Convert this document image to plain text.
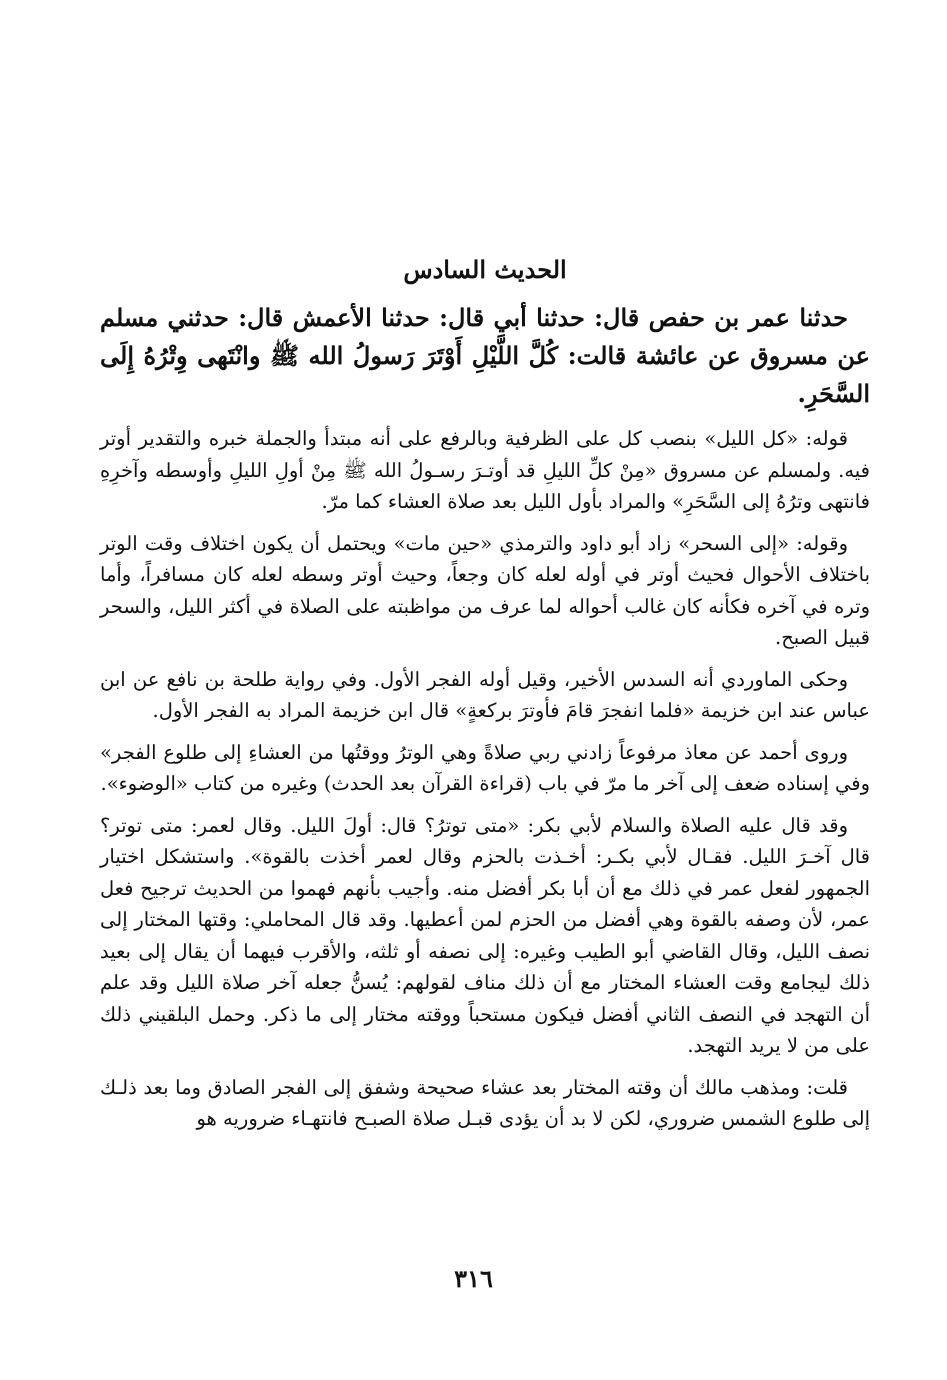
الحديث السادس
حدثنا عمر بن حفص قال: حدثنا أبي قال: حدثنا الأعمش قال: حدثني مسلم عن مسروق عن عائشة قالت: كُلَّ اللَّيْلِ أَوْتَرَ رَسولُ الله ﷺ وانْتَهى وِتْرُهُ إِلَى السَّحَرِ.
قوله: «كل الليل» بنصب كل على الظرفية وبالرفع على أنه مبتدأ والجملة خبره والتقدير أوتر فيه. ولمسلم عن مسروق «مِنْ كلِّ الليلِ قد أوتـرَ رسـولُ الله ﷺ مِنْ أولِ الليلِ وأوسطه وآخرِهِ فانتهى وترُهُ إلى السَّحَرِ» والمراد بأول الليل بعد صلاة العشاء كما مرّ.
وقوله: «إلى السحر» زاد أبو داود والترمذي «حين مات» ويحتمل أن يكون اختلاف وقت الوتر باختلاف الأحوال فحيث أوتر في أوله لعله كان وجعاً، وحيث أوتر وسطه لعله كان مسافراً، وأما وتره في آخره فكأنه كان غالب أحواله لما عرف من مواظبته على الصلاة في أكثر الليل، والسحر قبيل الصبح.
وحكى الماوردي أنه السدس الأخير، وقيل أوله الفجر الأول. وفي رواية طلحة بن نافع عن ابن عباس عند ابن خزيمة «فلما انفجرَ قامَ فأوترَ بركعةٍ» قال ابن خزيمة المراد به الفجر الأول.
وروى أحمد عن معاذ مرفوعاً زادني ربي صلاةً وهي الوترُ ووقتُها من العشاءِ إلى طلوع الفجر» وفي إسناده ضعف إلى آخر ما مرّ في باب (قراءة القرآن بعد الحدث) وغيره من كتاب «الوضوء».
وقد قال عليه الصلاة والسلام لأبي بكر: «متى توترُ؟ قال: أولَ الليل. وقال لعمر: متى توتر؟ قال آخـرَ الليل. فقـال لأبي بكـر: أخـذت بالحزم وقال لعمر أخذت بالقوة». واستشكل اختيار الجمهور لفعل عمر في ذلك مع أن أبا بكر أفضل منه. وأجيب بأنهم فهموا من الحديث ترجيح فعل عمر، لأن وصفه بالقوة وهي أفضل من الحزم لمن أعطيها. وقد قال المحاملي: وقتها المختار إلى نصف الليل، وقال القاضي أبو الطيب وغيره: إلى نصفه أو ثلثه، والأقرب فيهما أن يقال إلى بعيد ذلك ليجامع وقت العشاء المختار مع أن ذلك مناف لقولهم: يُسنُّ جعله آخر صلاة الليل وقد علم أن التهجد في النصف الثاني أفضل فيكون مستحباً ووقته مختار إلى ما ذكر. وحمل البلقيني ذلك على من لا يريد التهجد.
قلت: ومذهب مالك أن وقته المختار بعد عشاء صحيحة وشفق إلى الفجر الصادق وما بعد ذلـك إلى طلوع الشمس ضروري، لكن لا بد أن يؤدى قبـل صلاة الصبـح فانتهـاء ضروريه هو
٣١٦
